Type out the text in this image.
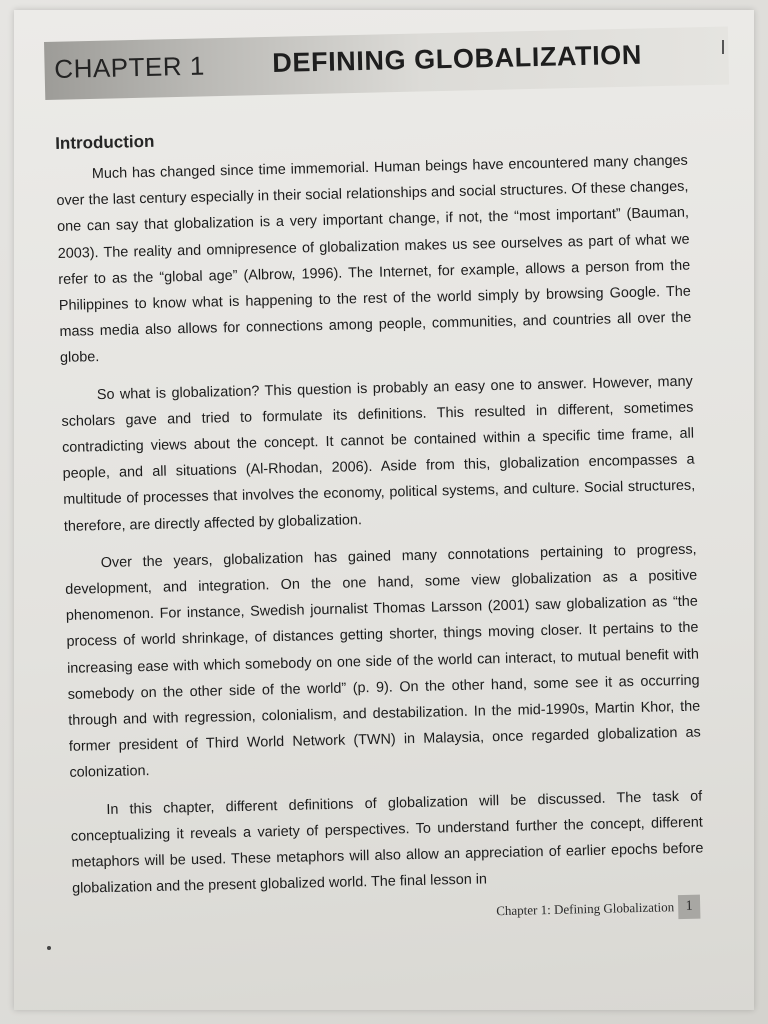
CHAPTER 1 DEFINING GLOBALIZATION
Introduction

Much has changed since time immemorial. Human beings have encountered many changes over the last century especially in their social relationships and social structures. Of these changes, one can say that globalization is a very important change, if not, the “most important” (Bauman, 2003). The reality and omnipresence of globalization makes us see ourselves as part of what we refer to as the “global age” (Albrow, 1996). The Internet, for example, allows a person from the Philippines to know what is happening to the rest of the world simply by browsing Google. The mass media also allows for connections among people, communities, and countries all over the globe.

So what is globalization? This question is probably an easy one to answer. However, many scholars gave and tried to formulate its definitions. This resulted in different, sometimes contradicting views about the concept. It cannot be contained within a specific time frame, all people, and all situations (Al-Rhodan, 2006). Aside from this, globalization encompasses a multitude of processes that involves the economy, political systems, and culture. Social structures, therefore, are directly affected by globalization.

Over the years, globalization has gained many connotations pertaining to progress, development, and integration. On the one hand, some view globalization as a positive phenomenon. For instance, Swedish journalist Thomas Larsson (2001) saw globalization as “the process of world shrinkage, of distances getting shorter, things moving closer. It pertains to the increasing ease with which somebody on one side of the world can interact, to mutual benefit with somebody on the other side of the world” (p. 9). On the other hand, some see it as occurring through and with regression, colonialism, and destabilization. In the mid-1990s, Martin Khor, the former president of Third World Network (TWN) in Malaysia, once regarded globalization as colonization.

In this chapter, different definitions of globalization will be discussed. The task of conceptualizing it reveals a variety of perspectives. To understand further the concept, different metaphors will be used. These metaphors will also allow an appreciation of earlier epochs before globalization and the present globalized world. The final lesson in

Chapter 1: Defining Globalization 1
